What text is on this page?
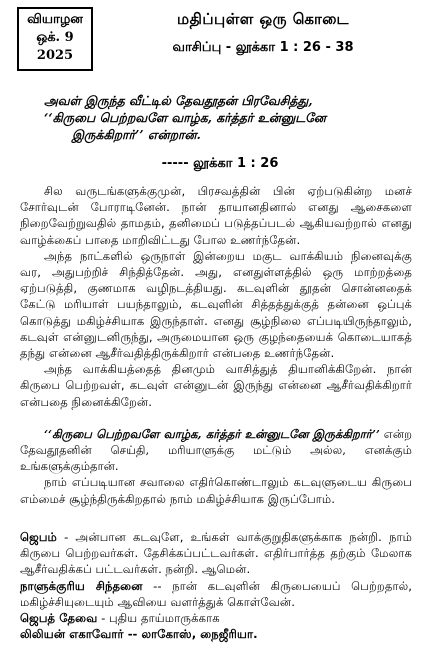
வியாழன
ஒக். 9
2025
மதிப்புள்ள ஒரு கொடை
வாசிப்பு - லூக்கா 1 : 26 - 38

அவள் இருந்த வீட்டில் தேவதூதன் பிரவேசித்து,

‘‘கிருபை பெற்றவளே வாழ்க, கர்த்தர் உன்னுடனே

இருக்கிறார்’’ என்றான்.

----- லூக்கா 1 : 26

சில வருடங்களுக்குமுன், பிரசவத்தின் பின் ஏற்படுகின்ற மனச் சோர்வுடன் போராடினேன். நான் தாயானதினால் எனது ஆசைகளை நிறைவேற்றுவதில் தாமதம், தனிமைப் படுத்தப்படல் ஆகியவற்றால் எனது வாழ்க்கைப் பாதை மாறிவிட்டது போல உணர்ந்தேன்.

அந்த நாட்களில் ஒருநாள் இன்றைய மகுட வாக்கியம் நினைவுக்கு வர, அதுபற்றிச் சிந்தித்தேன். அது, எனதுள்ளத்தில் ஒரு மாற்றத்தை ஏற்படுத்தி, குணமாக வழிநடத்தியது. கடவுளின் தூதன் சொன்னதைக் கேட்டு மரியாள் பயந்தாலும், கடவுளின் சித்தத்துக்குத் தன்னை ஒப்புக் கொடுத்து மகிழ்ச்சியாக இருந்தாள். எனது சூழ்நிலை எப்படியிருந்தாலும், கடவுள் என்னுடனிருந்து, அருமையான ஒரு குழந்தையைக் கொடையாகத் தந்து என்னை ஆசீர்வதித்திருக்கிறார் என்பதை உணர்ந்தேன்.

அந்த வாக்கியத்தைத் தினமும் வாசித்துத் தியானிக்கிறேன். நான் கிருபை பெற்றவள், கடவுள் என்னுடன் இருந்து என்னை ஆசீர்வதிக்கிறார் என்பதை நினைக்கிறேன்.

‘‘கிருபை பெற்றவளே வாழ்க, கர்த்தர் உன்னுடனே இருக்கிறார்’’ என்ற தேவதூதனின் செய்தி, மரியாளுக்கு மட்டும் அல்ல, எனக்கும் உங்களுக்கும்தான்.

நாம் எப்படியான சவாலை எதிர்கொண்டாலும் கடவுளுடைய கிருபை எம்மைச் சூழ்ந்திருக்கிறதால் நாம் மகிழ்ச்சியாக இருப்போம்.

ஜெபம் - அன்பான கடவுளே, உங்கள் வாக்குறுதிகளுக்காக நன்றி. நாம் கிருபை பெற்றவர்கள். தேசிக்கப்பட்டவர்கள். எதிர்பார்த்த தற்கும் மேலாக ஆசீர்வதிக்கப் பட்டவர்கள். நன்றி. ஆமென்.

நாளுக்குரிய சிந்தனை -- நான் கடவுளின் கிருபையைப் பெற்றதால், மகிழ்ச்சியுடையும் ஆவியை வளர்த்துக் கொள்வேன்.

ஜெபத் தேவை - புதிய தாய்மாருக்காக

லிலியன் எகாவோர் -- லாகோஸ், நைஜீரியா.
